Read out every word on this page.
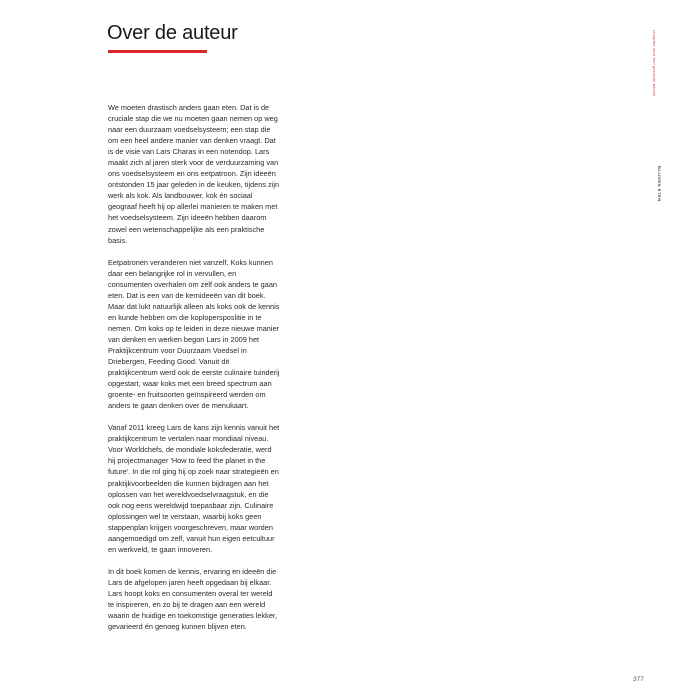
Over de auteur

We moeten drastisch anders gaan eten. Dat is de cruciale stap die we nu moeten gaan nemen op weg naar een duurzaam voedselsysteem; een stap die om een heel andere manier van denken vraagt. Dat is de visie van Lars Charas in een notendop. Lars maakt zich al jaren sterk voor de verduurzaming van ons voedselsysteem en ons eetpatroon. Zijn ideeën ontstonden 15 jaar geleden in de keuken, tijdens zijn werk als kok. Als landbouwer, kok én sociaal geograaf heeft hij op allerlei manieren te maken met het voedselsysteem. Zijn ideeën hebben daarom zowel een wetenschappelijke als een praktische basis.

Eetpatronen veranderen niet vanzelf. Koks kunnen daar een belangrijke rol in vervullen, en consumenten overhalen om zelf ook anders te gaan eten. Dat is een van de kernideeën van dit boek. Maar dat lukt natuurlijk alleen als koks ook de kennis en kunde hebben om die koplopersposlitie in te nemen. Om koks op te leiden in deze nieuwe manier van denken en werken begon Lars in 2009 het Praktijkcentrum voor Duurzaam Voedsel in Driebergen, Feeding Good. Vanuit dit praktijkcentrum werd ook de eerste culinaire tuinderij opgestart, waar koks met een breed spectrum aan groente- en fruitsoorten geïnspireerd werden om anders te gaan denken over de menukaart.

Vanaf 2011 kreeg Lars de kans zijn kennis vanuit het praktijkcentrum te vertalen naar mondiaal niveau. Voor Worldchefs, de mondiale koksfederatie, werd hij projectmanager 'How to feed the planet in the future'. In die rol ging hij op zoek naar strategieën en praktijkvoorbeelden die kunnen bijdragen aan het oplossen van het wereldvoedselvraagstuk, en die ook nog eens wereldwijd toepasbaar zijn. Culinaire oplossingen wel te verstaan, waarbij koks geen stappenplan krijgen voorgeschreven, maar worden aangemoedigd om zelf, vanuit hun eigen eetcultuur en werkveld, te gaan innoveren.

In dit boek komen de kennis, ervaring en ideeën die Lars de afgelopen jaren heeft opgedaan bij elkaar. Lars hoopt koks en consumenten overal ter wereld te inspireren, en zo bij te dragen aan een wereld waarin de huidige en toekomstige generaties lekker, gevarieerd én genoeg kunnen blijven eten.

recepten voor een gezonde wereld
BLIJVEN ETEN
377
